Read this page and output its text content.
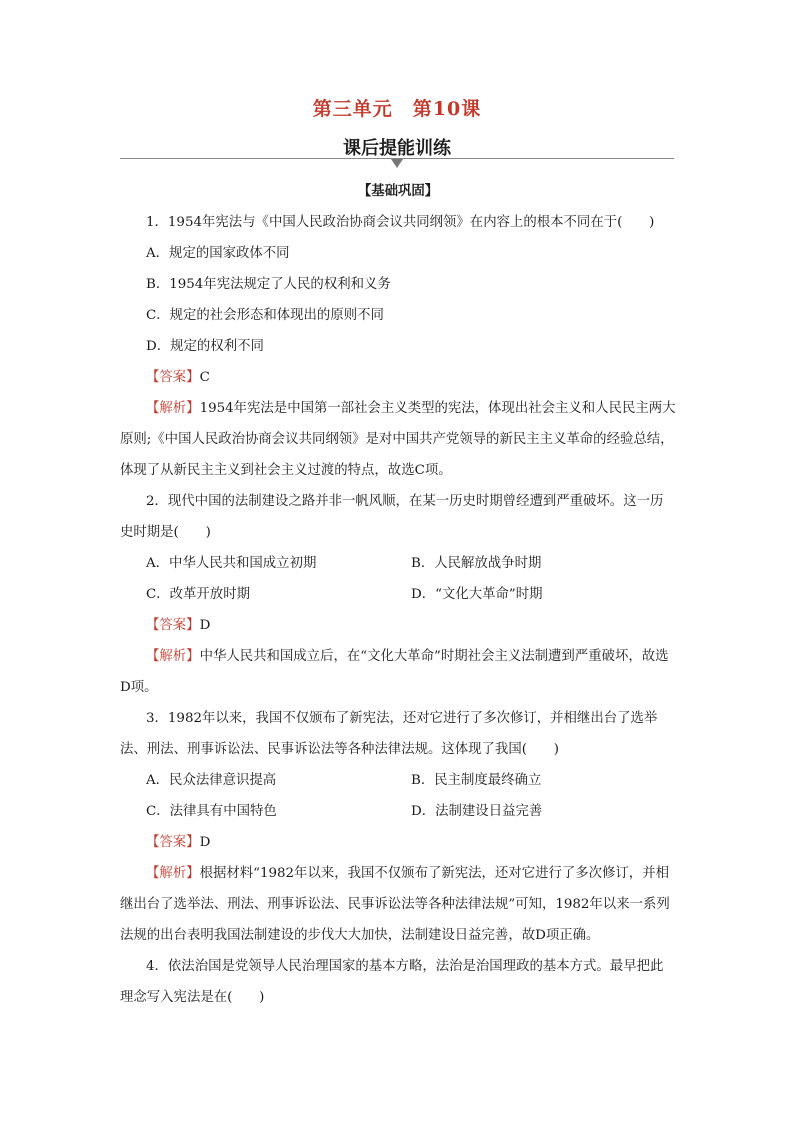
第三单元　第10课
课后提能训练
【基础巩固】
1．1954年宪法与《中国人民政治协商会议共同纲领》在内容上的根本不同在于(　　)
A．规定的国家政体不同
B．1954年宪法规定了人民的权利和义务
C．规定的社会形态和体现出的原则不同
D．规定的权利不同
【答案】C
【解析】1954年宪法是中国第一部社会主义类型的宪法，体现出社会主义和人民民主两大原则;《中国人民政治协商会议共同纲领》是对中国共产党领导的新民主主义革命的经验总结，体现了从新民主主义到社会主义过渡的特点，故选C项。
2．现代中国的法制建设之路并非一帆风顺，在某一历史时期曾经遭到严重破坏。这一历史时期是(　　)
A．中华人民共和国成立初期	B．人民解放战争时期
C．改革开放时期	D．“文化大革命”时期
【答案】D
【解析】中华人民共和国成立后，在“文化大革命”时期社会主义法制遭到严重破坏，故选D项。
3．1982年以来，我国不仅颁布了新宪法，还对它进行了多次修订，并相继出台了选举法、刑法、刑事诉讼法、民事诉讼法等各种法律法规。这体现了我国(　　)
A．民众法律意识提高	B．民主制度最终确立
C．法律具有中国特色	D．法制建设日益完善
【答案】D
【解析】根据材料“1982年以来，我国不仅颁布了新宪法，还对它进行了多次修订，并相继出台了选举法、刑法、刑事诉讼法、民事诉讼法等各种法律法规”可知，1982年以来一系列法规的出台表明我国法制建设的步伐大大加快，法制建设日益完善，故D项正确。
4．依法治国是党领导人民治理国家的基本方略，法治是治国理政的基本方式。最早把此理念写入宪法是在(　　)
